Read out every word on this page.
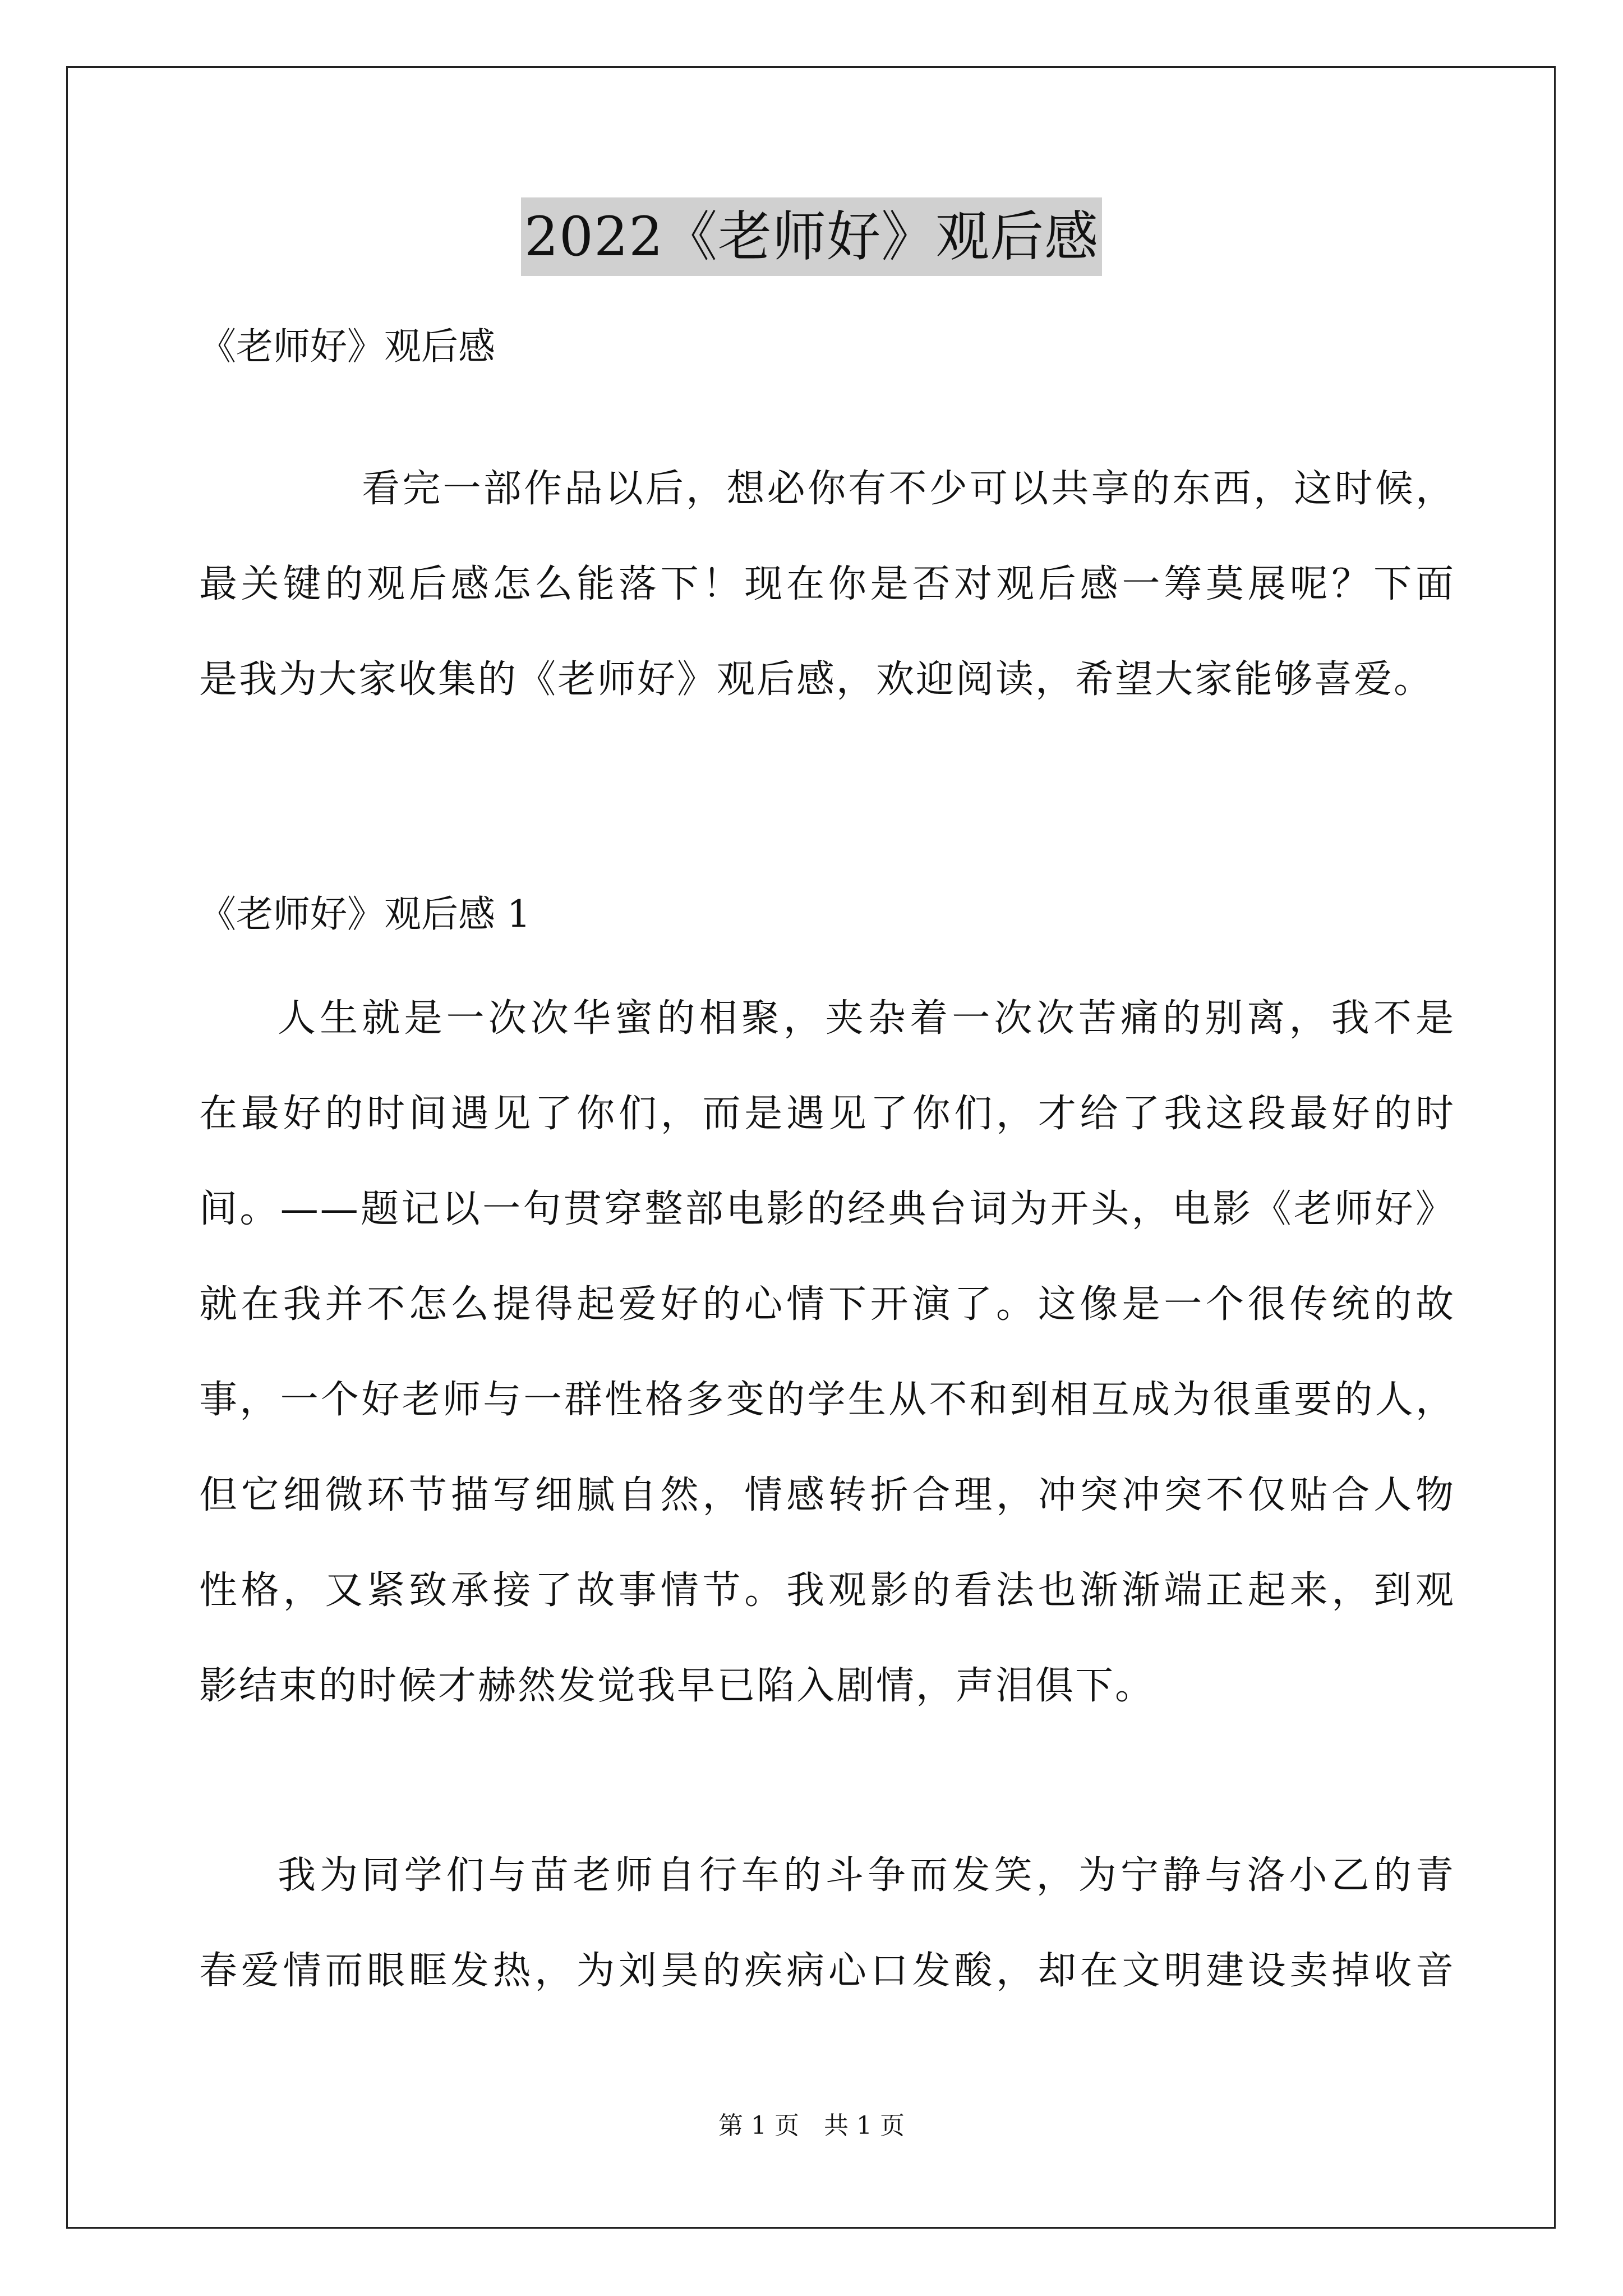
2022《老师好》观后感
《老师好》观后感
看完一部作品以后，想必你有不少可以共享的东西，这时候，
最关键的观后感怎么能落下！现在你是否对观后感一筹莫展呢？下面
是我为大家收集的《老师好》观后感，欢迎阅读，希望大家能够喜爱。
《老师好》观后感 1
人生就是一次次华蜜的相聚，夹杂着一次次苦痛的别离，我不是
在最好的时间遇见了你们，而是遇见了你们，才给了我这段最好的时
间。——题记以一句贯穿整部电影的经典台词为开头，电影《老师好》
就在我并不怎么提得起爱好的心情下开演了。这像是一个很传统的故
事，一个好老师与一群性格多变的学生从不和到相互成为很重要的人，
但它细微环节描写细腻自然，情感转折合理，冲突冲突不仅贴合人物
性格，又紧致承接了故事情节。我观影的看法也渐渐端正起来，到观
影结束的时候才赫然发觉我早已陷入剧情，声泪俱下。
我为同学们与苗老师自行车的斗争而发笑，为宁静与洛小乙的青
春爱情而眼眶发热，为刘昊的疾病心口发酸，却在文明建设卖掉收音
第 1 页　共 1 页
